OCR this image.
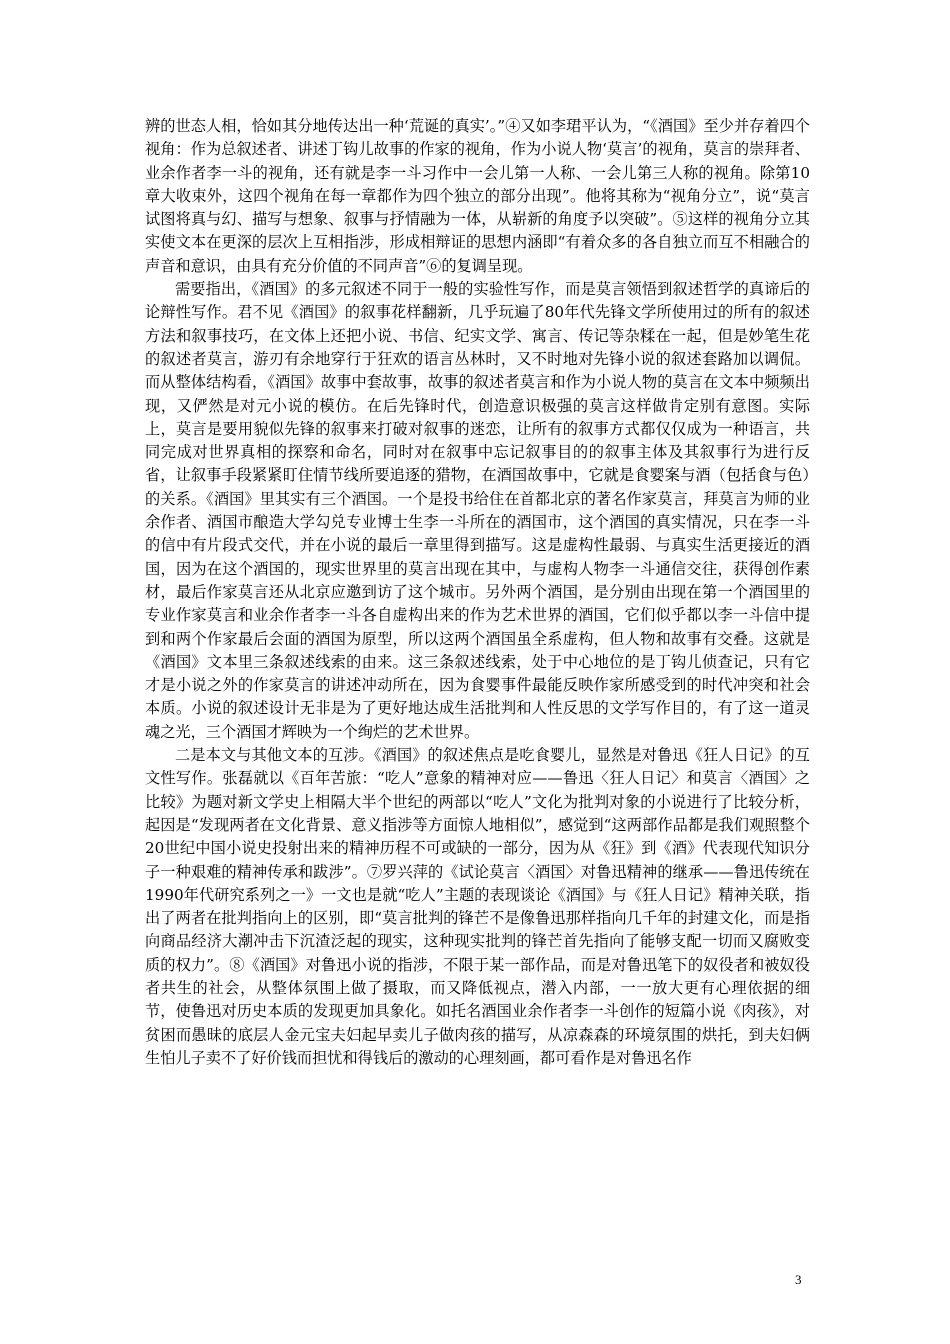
辨的世态人相，恰如其分地传达出一种‘荒诞的真实’。”④又如李珺平认为，“《酒国》至少并存着四个视角：作为总叙述者、讲述丁钩儿故事的作家的视角，作为小说人物‘莫言’的视角，莫言的崇拜者、业余作者李一斗的视角，还有就是李一斗习作中一会儿第一人称、一会儿第三人称的视角。除第10章大收束外，这四个视角在每一章都作为四个独立的部分出现”。他将其称为“视角分立”，说“莫言试图将真与幻、描写与想象、叙事与抒情融为一体，从崭新的角度予以突破”。⑤这样的视角分立其实使文本在更深的层次上互相指涉，形成相辩证的思想内涵即“有着众多的各自独立而互不相融合的声音和意识，由具有充分价值的不同声音”⑥的复调呈现。

需要指出，《酒国》的多元叙述不同于一般的实验性写作，而是莫言领悟到叙述哲学的真谛后的论辩性写作。君不见《酒国》的叙事花样翻新，几乎玩遍了80年代先锋文学所使用过的所有的叙述方法和叙事技巧，在文体上还把小说、书信、纪实文学、寓言、传记等杂糅在一起，但是妙笔生花的叙述者莫言，游刃有余地穿行于狂欢的语言丛林时，又不时地对先锋小说的叙述套路加以调侃。而从整体结构看，《酒国》故事中套故事，故事的叙述者莫言和作为小说人物的莫言在文本中频频出现，又俨然是对元小说的模仿。在后先锋时代，创造意识极强的莫言这样做肯定别有意图。实际上，莫言是要用貌似先锋的叙事来打破对叙事的迷恋，让所有的叙事方式都仅仅成为一种语言，共同完成对世界真相的探察和命名，同时对在叙事中忘记叙事目的的叙事主体及其叙事行为进行反省，让叙事手段紧紧盯住情节线所要追逐的猎物，在酒国故事中，它就是食婴案与酒（包括食与色）的关系。《酒国》里其实有三个酒国。一个是投书给住在首都北京的著名作家莫言，拜莫言为师的业余作者、酒国市酿造大学勾兑专业博士生李一斗所在的酒国市，这个酒国的真实情况，只在李一斗的信中有片段式交代，并在小说的最后一章里得到描写。这是虚构性最弱、与真实生活更接近的酒国，因为在这个酒国的，现实世界里的莫言出现在其中，与虚构人物李一斗通信交往，获得创作素材，最后作家莫言还从北京应邀到访了这个城市。另外两个酒国，是分别由出现在第一个酒国里的专业作家莫言和业余作者李一斗各自虚构出来的作为艺术世界的酒国，它们似乎都以李一斗信中提到和两个作家最后会面的酒国为原型，所以这两个酒国虽全系虚构，但人物和故事有交叠。这就是《酒国》文本里三条叙述线索的由来。这三条叙述线索，处于中心地位的是丁钩儿侦查记，只有它才是小说之外的作家莫言的讲述冲动所在，因为食婴事件最能反映作家所感受到的时代冲突和社会本质。小说的叙述设计无非是为了更好地达成生活批判和人性反思的文学写作目的，有了这一道灵魂之光，三个酒国才辉映为一个绚烂的艺术世界。

二是本文与其他文本的互涉。《酒国》的叙述焦点是吃食婴儿，显然是对鲁迅《狂人日记》的互文性写作。张磊就以《百年苦旅：“吃人”意象的精神对应——鲁迅〈狂人日记〉和莫言〈酒国〉之比较》为题对新文学史上相隔大半个世纪的两部以“吃人”文化为批判对象的小说进行了比较分析，起因是“发现两者在文化背景、意义指涉等方面惊人地相似”，感觉到“这两部作品都是我们观照整个20世纪中国小说史投射出来的精神历程不可或缺的一部分，因为从《狂》到《酒》代表现代知识分子一种艰难的精神传承和跋涉”。⑦罗兴萍的《试论莫言〈酒国〉对鲁迅精神的继承——鲁迅传统在1990年代研究系列之一》一文也是就“吃人”主题的表现谈论《酒国》与《狂人日记》精神关联，指出了两者在批判指向上的区别，即“莫言批判的锋芒不是像鲁迅那样指向几千年的封建文化，而是指向商品经济大潮冲击下沉渣泛起的现实，这种现实批判的锋芒首先指向了能够支配一切而又腐败变质的权力”。⑧《酒国》对鲁迅小说的指涉，不限于某一部作品，而是对鲁迅笔下的奴役者和被奴役者共生的社会，从整体氛围上做了摄取，而又降低视点，潜入内部，一一放大更有心理依据的细节，使鲁迅对历史本质的发现更加具象化。如托名酒国业余作者李一斗创作的短篇小说《肉孩》，对贫困而愚昧的底层人金元宝夫妇起早卖儿子做肉孩的描写，从凉森森的环境氛围的烘托，到夫妇俩生怕儿子卖不了好价钱而担忧和得钱后的激动的心理刻画，都可看作是对鲁迅名作

3
